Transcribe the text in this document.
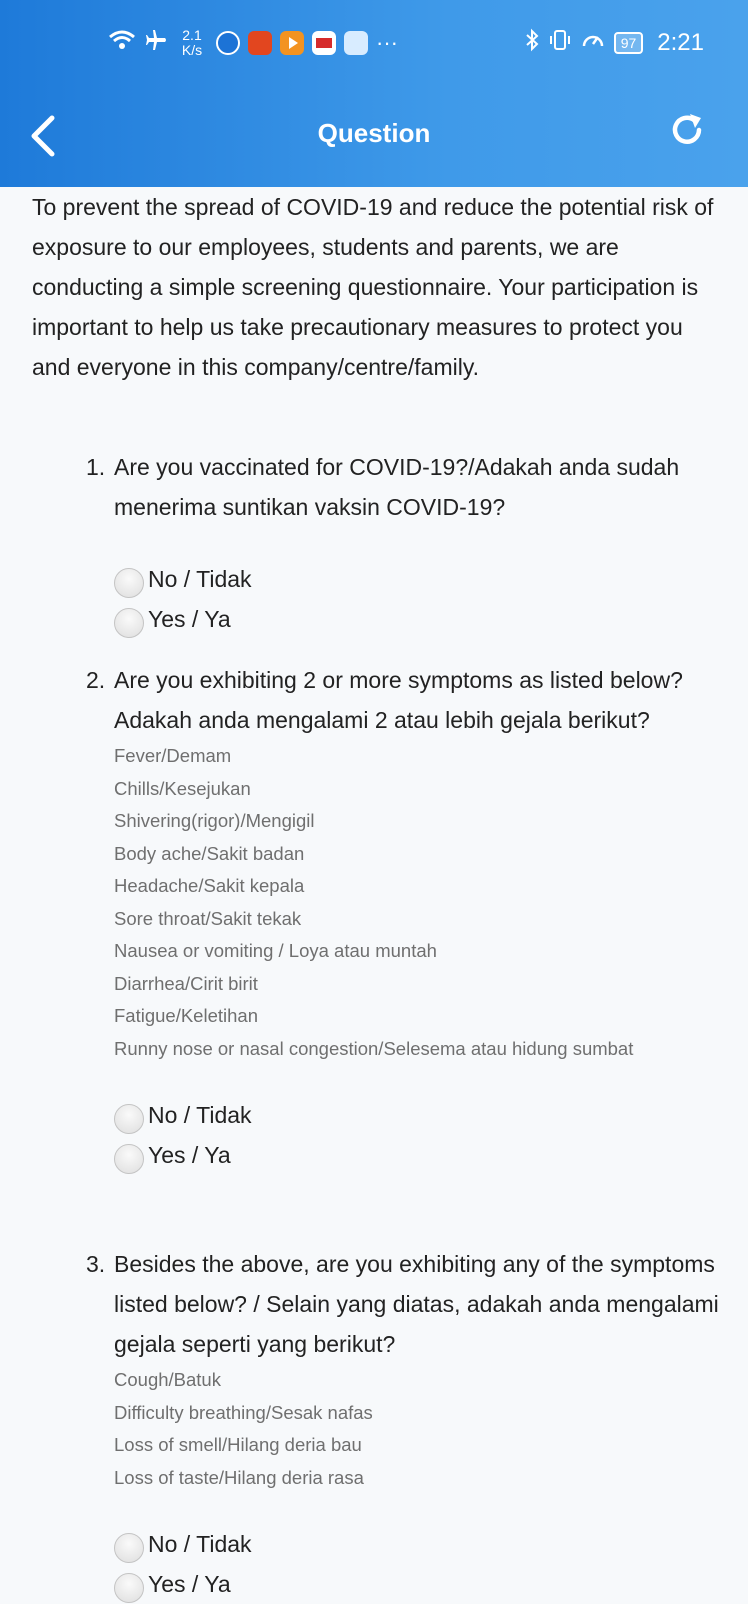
2.1
K/s	···	97 2:21
Question
To prevent the spread of COVID-19 and reduce the potential risk of exposure to our employees, students and parents, we are conducting a simple screening questionnaire. Your participation is important to help us take precautionary measures to protect you and everyone in this company/centre/family.
1. Are you vaccinated for COVID-19?/Adakah anda sudah menerima suntikan vaksin COVID-19?
No / Tidak
Yes / Ya
2. Are you exhibiting 2 or more symptoms as listed below? Adakah anda mengalami 2 atau lebih gejala berikut?
Fever/Demam
Chills/Kesejukan
Shivering(rigor)/Mengigil
Body ache/Sakit badan
Headache/Sakit kepala
Sore throat/Sakit tekak
Nausea or vomiting / Loya atau muntah
Diarrhea/Cirit birit
Fatigue/Keletihan
Runny nose or nasal congestion/Selesema atau hidung sumbat
No / Tidak
Yes / Ya
3. Besides the above, are you exhibiting any of the symptoms listed below? / Selain yang diatas, adakah anda mengalami gejala seperti yang berikut?
Cough/Batuk
Difficulty breathing/Sesak nafas
Loss of smell/Hilang deria bau
Loss of taste/Hilang deria rasa
No / Tidak
Yes / Ya
